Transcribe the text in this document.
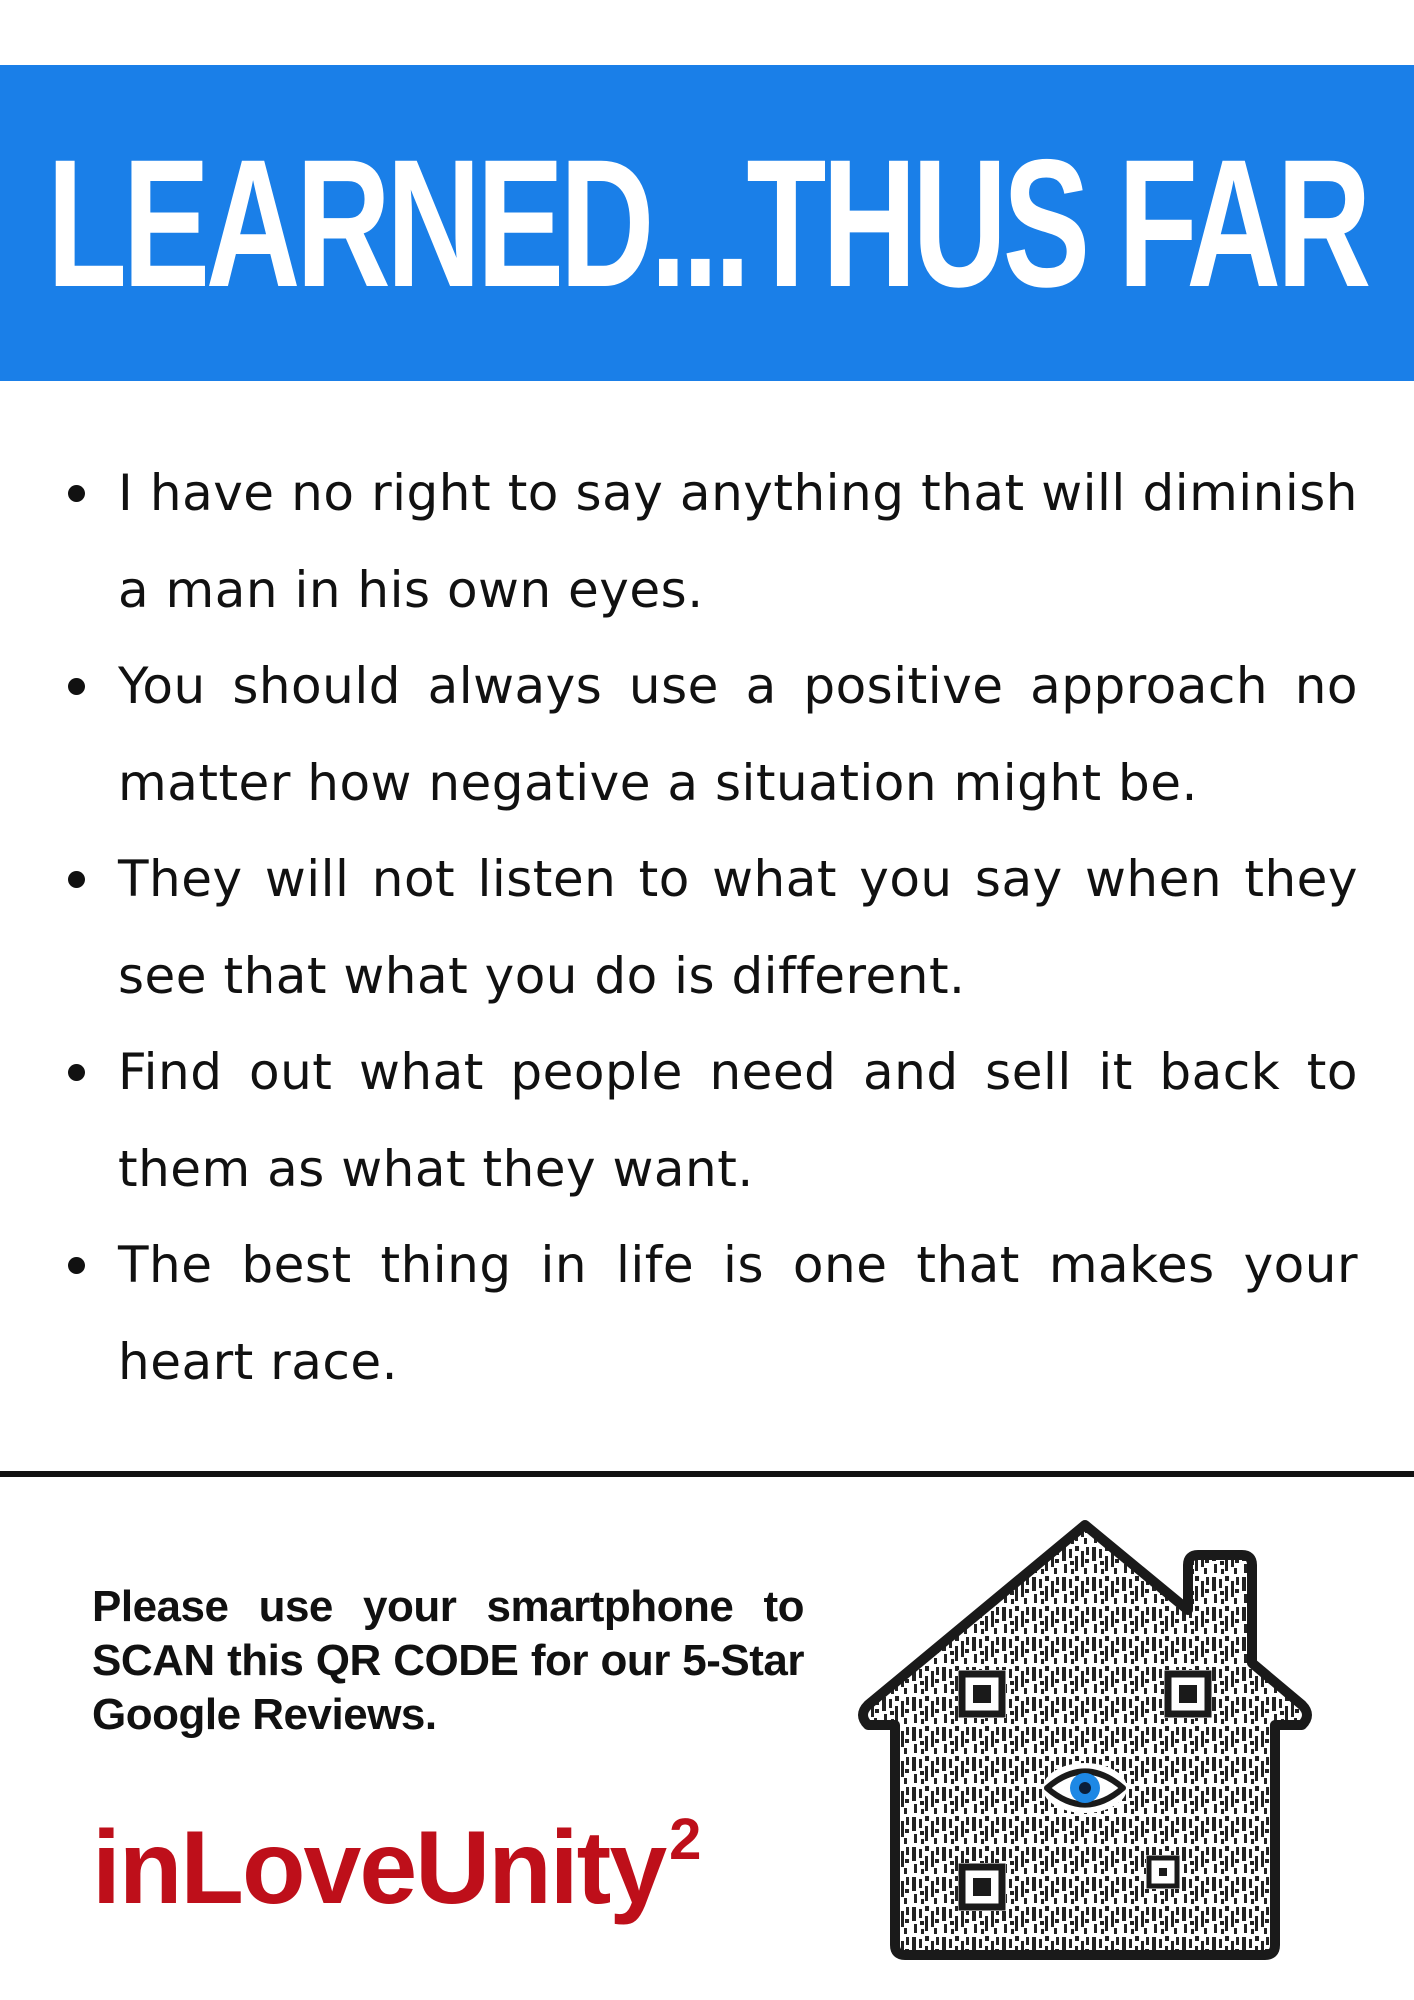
LEARNED...THUS FAR
I have no right to say anything that will diminish a man in his own eyes.
You should always use a positive approach no matter how negative a situation might be.
They will not listen to what you say when they see that what you do is different.
Find out what people need and sell it back to them as what they want.
The best thing in life is one that makes your heart race.
Please use your smartphone to SCAN this QR CODE for our 5-Star Google Reviews.
inLoveUnity$^2$
